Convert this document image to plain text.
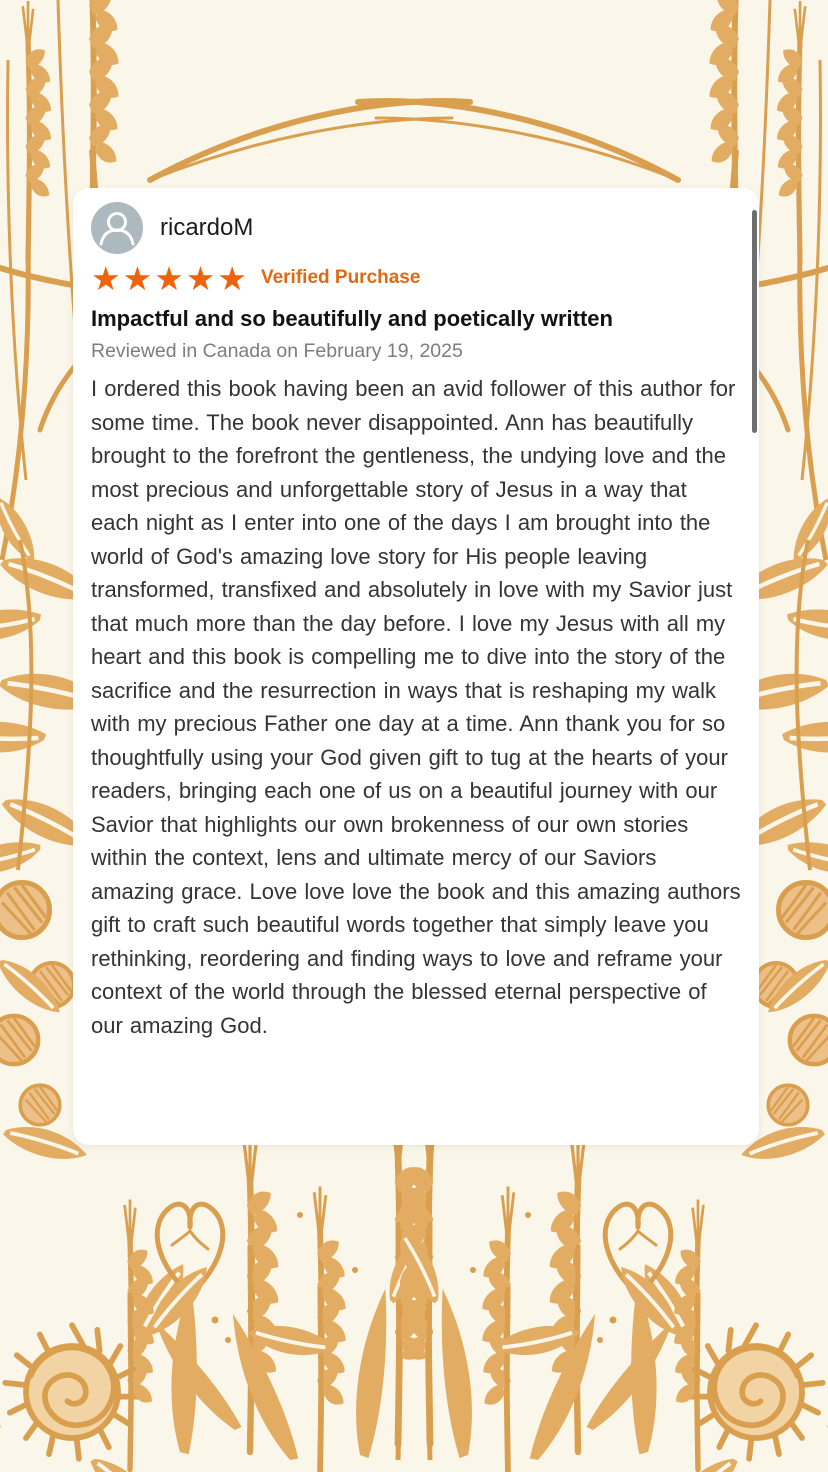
ricardoM
★ ★ ★ ★ ★ Verified Purchase
Impactful and so beautifully and poetically written
Reviewed in Canada on February 19, 2025

I ordered this book having been an avid follower of this author for some time. The book never disappointed. Ann has beautifully brought to the forefront the gentleness, the undying love and the most precious and unforgettable story of Jesus in a way that each night as I enter into one of the days I am brought into the world of God's amazing love story for His people leaving transformed, transfixed and absolutely in love with my Savior just that much more than the day before. I love my Jesus with all my heart and this book is compelling me to dive into the story of the sacrifice and the resurrection in ways that is reshaping my walk with my precious Father one day at a time. Ann thank you for so thoughtfully using your God given gift to tug at the hearts of your readers, bringing each one of us on a beautiful journey with our Savior that highlights our own brokenness of our own stories within the context, lens and ultimate mercy of our Saviors amazing grace. Love love love the book and this amazing authors gift to craft such beautiful words together that simply leave you rethinking, reordering and finding ways to love and reframe your context of the world through the blessed eternal perspective of our amazing God.
